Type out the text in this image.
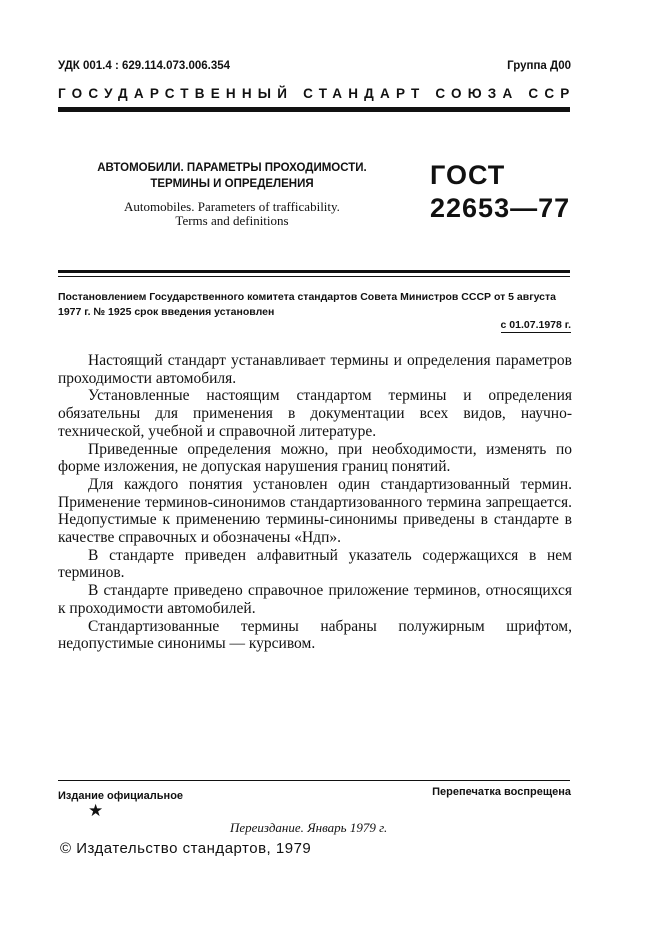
УДК 001.4 : 629.114.073.006.354	Группа Д00
ГОСУДАРСТВЕННЫЙ СТАНДАРТ СОЮЗА ССР
АВТОМОБИЛИ. ПАРАМЕТРЫ ПРОХОДИМОСТИ.
ТЕРМИНЫ И ОПРЕДЕЛЕНИЯ
Automobiles. Parameters of trafficability.
Terms and definitions
ГОСТ
22653—77
Постановлением Государственного комитета стандартов Совета Министров СССР от 5 августа 1977 г. № 1925 срок введения установлен
с 01.07.1978 г.

Настоящий стандарт устанавливает термины и определения параметров проходимости автомобиля.

Установленные настоящим стандартом термины и определения обязательны для применения в документации всех видов, научно-технической, учебной и справочной литературе.

Приведенные определения можно, при необходимости, изменять по форме изложения, не допуская нарушения границ понятий.

Для каждого понятия установлен один стандартизованный термин. Применение терминов-синонимов стандартизованного термина запрещается. Недопустимые к применению термины-синонимы приведены в стандарте в качестве справочных и обозначены «Ндп».

В стандарте приведен алфавитный указатель содержащихся в нем терминов.

В стандарте приведено справочное приложение терминов, относящихся к проходимости автомобилей.

Стандартизованные термины набраны полужирным шрифтом, недопустимые синонимы — курсивом.

Издание официальное
★
Перепечатка воспрещена
Переиздание. Январь 1979 г.
© Издательство стандартов, 1979
